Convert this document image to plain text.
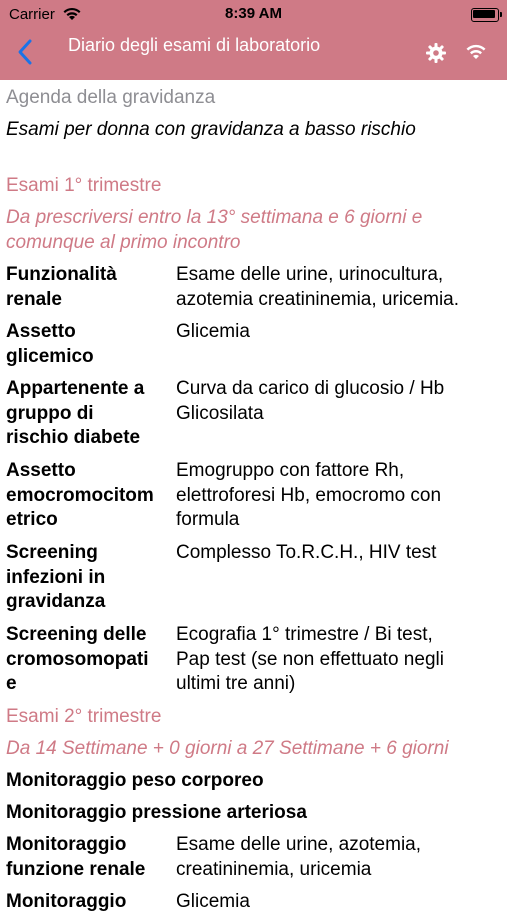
Carrier	8:39 AM
Diario degli esami di laboratorio
Agenda della gravidanza
Esami per donna con gravidanza a basso rischio
Esami 1° trimestre
Da prescriversi entro la 13° settimana e 6 giorni e
comunque al primo incontro
Funzionalità
renale
Esame delle urine, urinocultura,
azotemia creatininemia, uricemia.
Assetto
glicemico
Glicemia
Appartenente a
gruppo di
rischio diabete
Curva da carico di glucosio / Hb
Glicosilata
Assetto
emocromocitom
etrico
Emogruppo con fattore Rh,
elettroforesi Hb, emocromo con
formula
Screening
infezioni in
gravidanza
Complesso To.R.C.H., HIV test
Screening delle
cromosomopati
e
Ecografia 1° trimestre / Bi test,
Pap test (se non effettuato negli
ultimi tre anni)
Esami 2° trimestre
Da 14 Settimane + 0 giorni a 27 Settimane + 6 giorni
Monitoraggio peso corporeo
Monitoraggio pressione arteriosa
Monitoraggio
funzione renale
Esame delle urine, azotemia,
creatininemia, uricemia
Monitoraggio	Glicemia
